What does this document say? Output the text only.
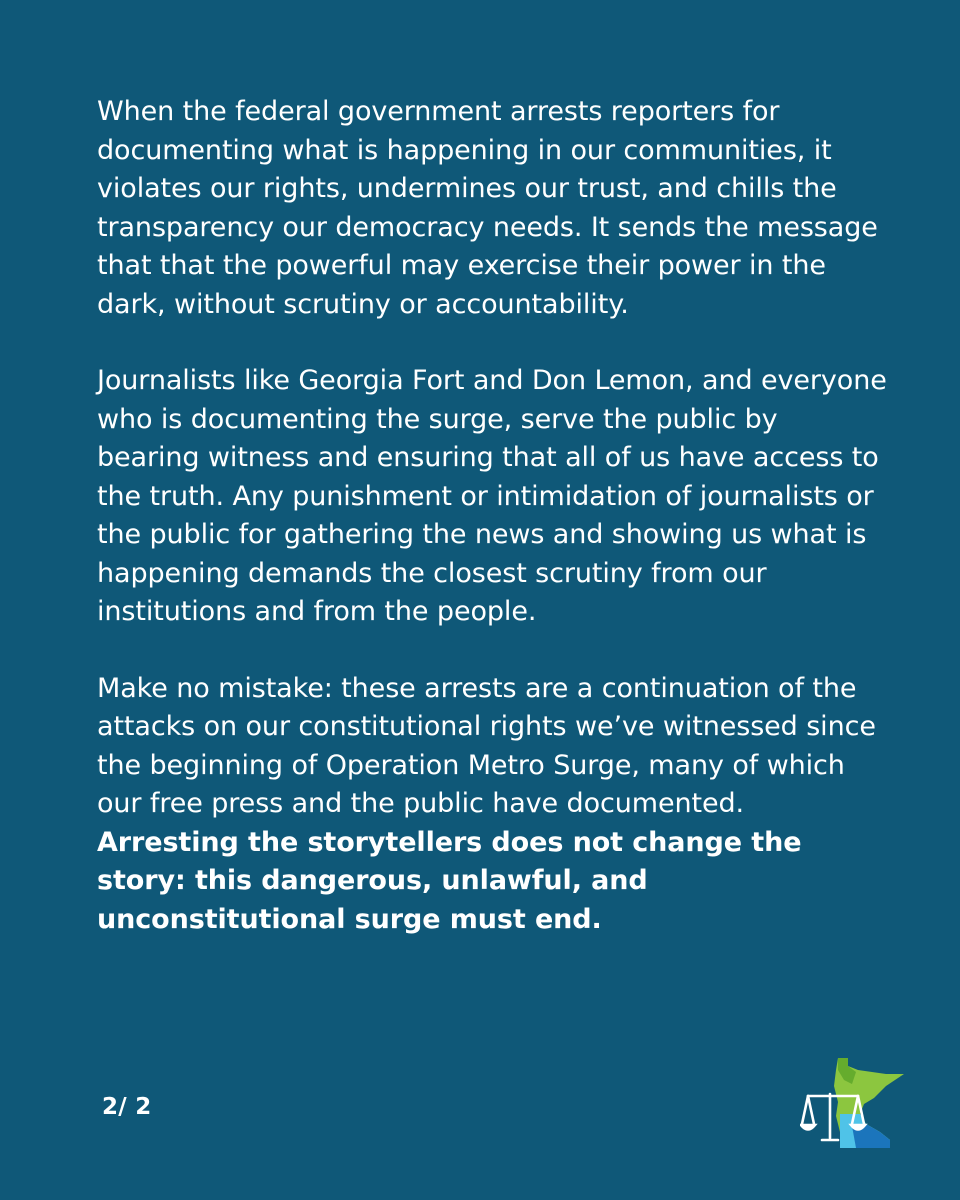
When the federal government arrests reporters for documenting what is happening in our communities, it violates our rights, undermines our trust, and chills the transparency our democracy needs. It sends the message that that the powerful may exercise their power in the dark, without scrutiny or accountability.

Journalists like Georgia Fort and Don Lemon, and everyone who is documenting the surge, serve the public by bearing witness and ensuring that all of us have access to the truth. Any punishment or intimidation of journalists or the public for gathering the news and showing us what is happening demands the closest scrutiny from our institutions and from the people.

Make no mistake: these arrests are a continuation of the attacks on our constitutional rights we’ve witnessed since the beginning of Operation Metro Surge, many of which our free press and the public have documented. Arresting the storytellers does not change the story: this dangerous, unlawful, and unconstitutional surge must end.

2/ 2
